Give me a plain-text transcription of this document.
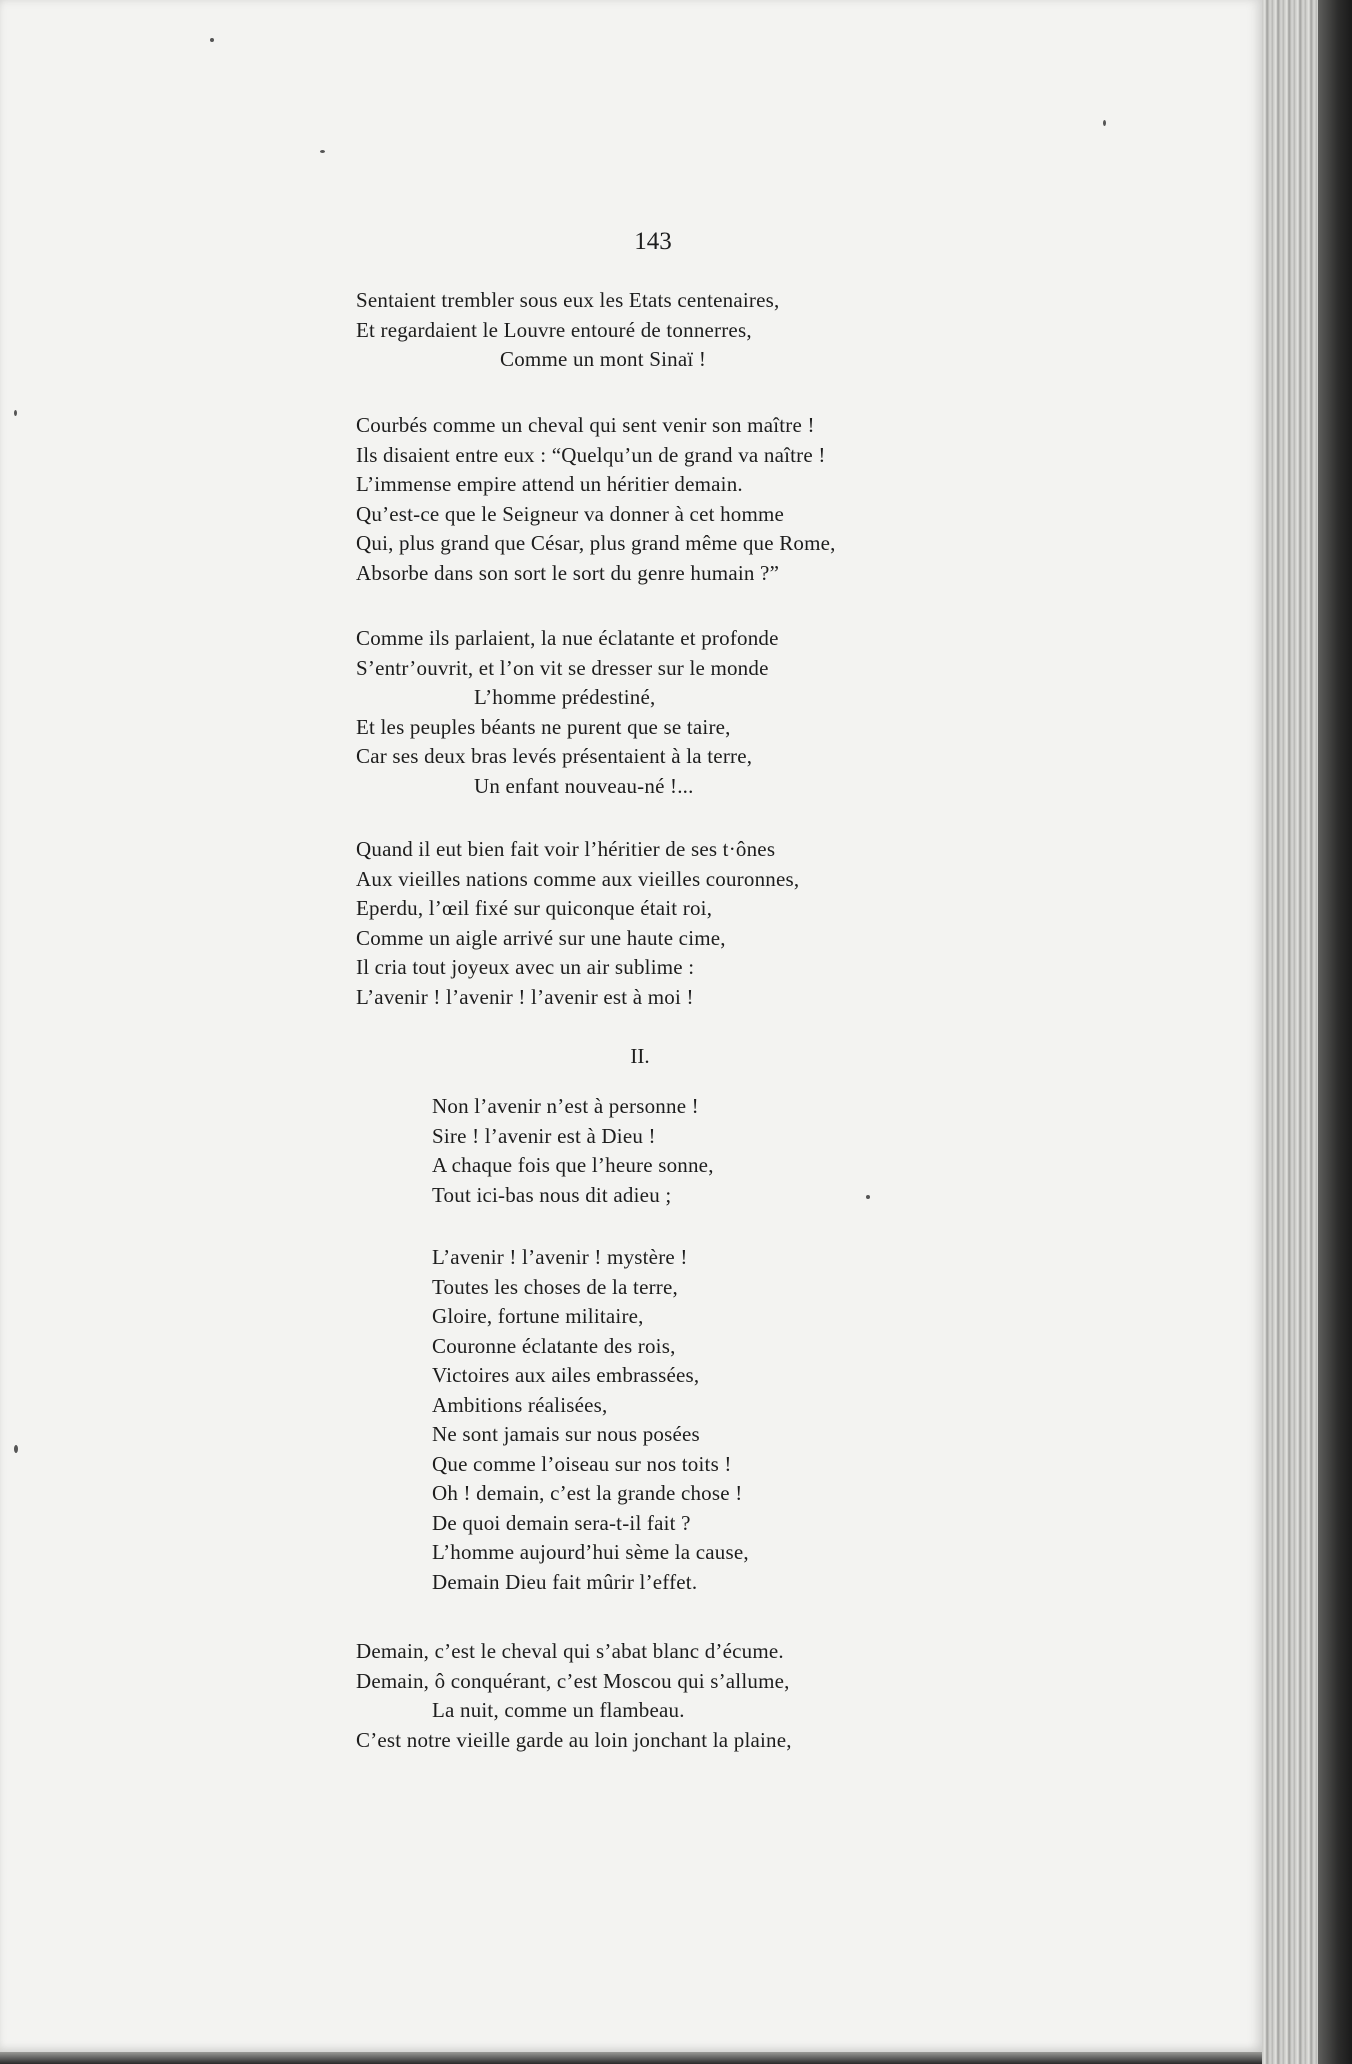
143
Sentaient trembler sous eux les Etats centenaires,
Et regardaient le Louvre entouré de tonnerres,
Comme un mont Sinaï !
Courbés comme un cheval qui sent venir son maître !
Ils disaient entre eux : “Quelqu’un de grand va naître !
L’immense empire attend un héritier demain.
Qu’est-ce que le Seigneur va donner à cet homme
Qui, plus grand que César, plus grand même que Rome,
Absorbe dans son sort le sort du genre humain ?”
Comme ils parlaient, la nue éclatante et profonde
S’entr’ouvrit, et l’on vit se dresser sur le monde
L’homme prédestiné,
Et les peuples béants ne purent que se taire,
Car ses deux bras levés présentaient à la terre,
Un enfant nouveau-né !...
Quand il eut bien fait voir l’héritier de ses t·ônes
Aux vieilles nations comme aux vieilles couronnes,
Eperdu, l’œil fixé sur quiconque était roi,
Comme un aigle arrivé sur une haute cime,
Il cria tout joyeux avec un air sublime :
L’avenir ! l’avenir ! l’avenir est à moi !
II.
Non l’avenir n’est à personne !
Sire ! l’avenir est à Dieu !
A chaque fois que l’heure sonne,
Tout ici-bas nous dit adieu ;
L’avenir ! l’avenir ! mystère !
Toutes les choses de la terre,
Gloire, fortune militaire,
Couronne éclatante des rois,
Victoires aux ailes embrassées,
Ambitions réalisées,
Ne sont jamais sur nous posées
Que comme l’oiseau sur nos toits !
Oh ! demain, c’est la grande chose !
De quoi demain sera-t-il fait ?
L’homme aujourd’hui sème la cause,
Demain Dieu fait mûrir l’effet.
Demain, c’est le cheval qui s’abat blanc d’écume.
Demain, ô conquérant, c’est Moscou qui s’allume,
La nuit, comme un flambeau.
C’est notre vieille garde au loin jonchant la plaine,
